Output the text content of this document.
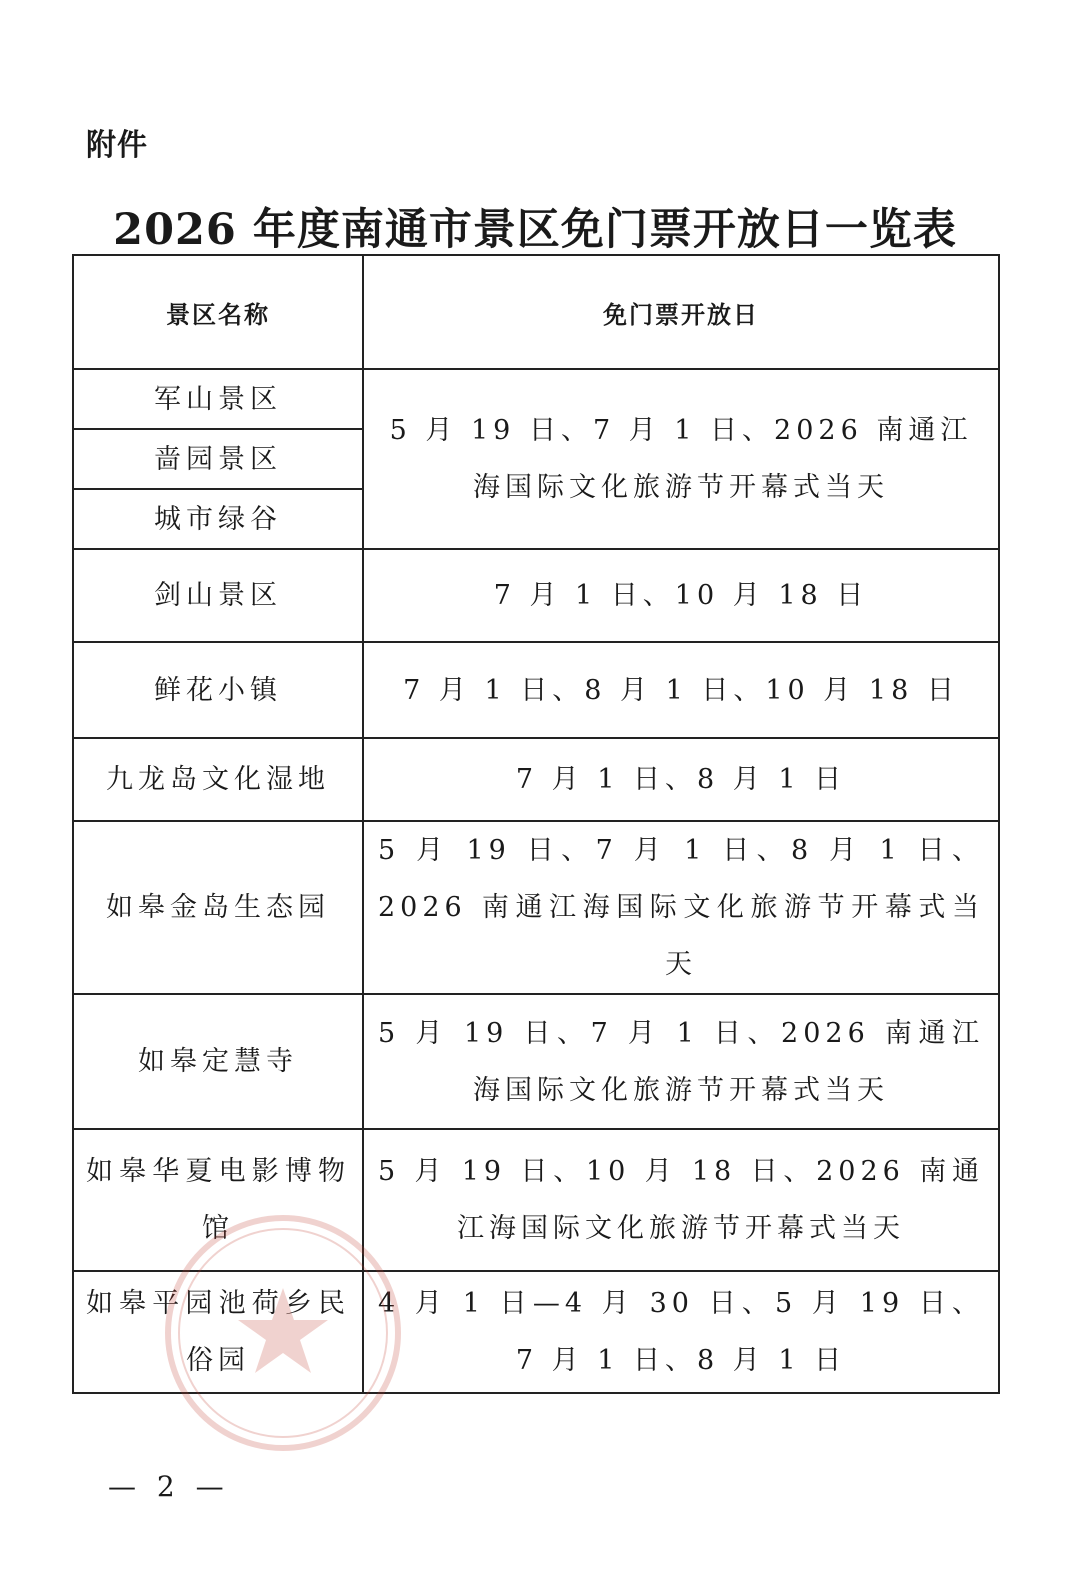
附件
2026 年度南通市景区免门票开放日一览表
景区名称	免门票开放日
军山景区	5 月 19 日、7 月 1 日、2026 南通江海国际文化旅游节开幕式当天
啬园景区	
城市绿谷	
剑山景区	7 月 1 日、10 月 18 日
鲜花小镇	7 月 1 日、8 月 1 日、10 月 18 日
九龙岛文化湿地	7 月 1 日、8 月 1 日
如皋金岛生态园	5 月 19 日、7 月 1 日、8 月 1 日、2026 南通江海国际文化旅游节开幕式当天
如皋定慧寺	5 月 19 日、7 月 1 日、2026 南通江海国际文化旅游节开幕式当天
如皋华夏电影博物馆	5 月 19 日、10 月 18 日、2026 南通江海国际文化旅游节开幕式当天
如皋平园池荷乡民俗园	4 月 1 日—4 月 30 日、5 月 19 日、7 月 1 日、8 月 1 日
— 2 —
